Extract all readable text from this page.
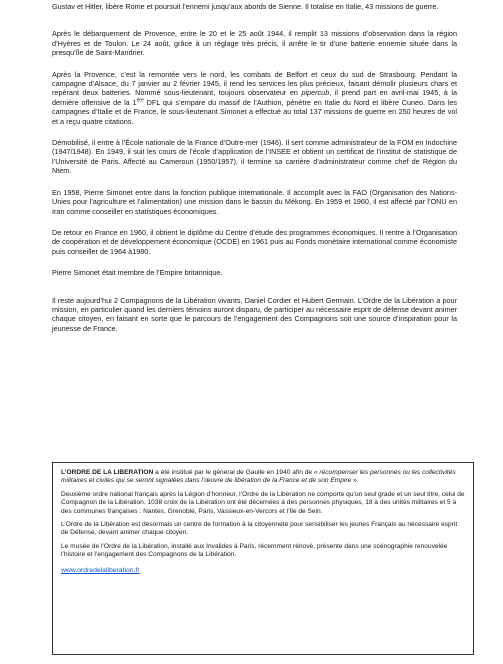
Gustav et Hitler, libère Rome et poursuit l’ennemi jusqu’aux abords de Sienne. Il totalise en Italie, 43 missions de guerre.

Après le débarquement de Provence, entre le 20 et le 25 août 1944, il remplit 13 missions d’observation dans la région d’Hyères et de Toulon. Le 24 août, grâce à un réglage très précis, il arrête le tir d’une batterie ennemie située dans la presqu’île de Saint-Mandrier.

Après la Provence, c’est la remontée vers le nord, les combats de Belfort et ceux du sud de Strasbourg. Pendant la campagne d’Alsace, du 7 janvier au 2 février 1945, il rend les services les plus précieux, faisant démolir plusieurs chars et repérant deux batteries. Nommé sous-lieutenant, toujours observateur en pipercub, il prend part en avril-mai 1945, à la dernière offensive de la 1ère DFL qui s’empare du massif de l’Authion, pénètre en Italie du Nord et libère Cuneo. Dans les campagnes d’Italie et de France, le sous-lieutenant Simonet a effectué au total 137 missions de guerre en 250 heures de vol et a reçu quatre citations.

Démobilisé, il entre à l’École nationale de la France d’Outre-mer (1946). Il sert comme administrateur de la FOM en Indochine (1947/1948). En 1949, il suit les cours de l’école d’application de l’INSEE et obtient un certificat de l’institut de statistique de l’Université de Paris. Affecté au Cameroun (1950/1957), il termine sa carrière d’administrateur comme chef de Région du Ntem.

En 1958, Pierre Simonet entre dans la fonction publique internationale. Il accomplit avec la FAO (Organisation des Nations-Unies pour l’agriculture et l’alimentation) une mission dans le bassin du Mékong. En 1959 et 1960, il est affecté par l’ONU en Iran comme conseiller en statistiques économiques.

De retour en France en 1960, il obtient le diplôme du Centre d’étude des programmes économiques. Il rentre à l’Organisation de coopération et de développement économique (OCDE) en 1961 puis au Fonds monétaire international comme économiste puis conseiller de 1964 à1980.

Pierre Simonet était membre de l’Empire britannique.

Il reste aujourd’hui 2 Compagnons de la Libération vivants, Daniel Cordier et Hubert Germain. L’Ordre de la Libération a pour mission, en particulier quand les derniers témoins auront disparu, de participer au nécessaire esprit de défense devant animer chaque citoyen, en faisant en sorte que le parcours de l’engagement des Compagnons soit une source d’inspiration pour la jeunesse de France.

L’ORDRE DE LA LIBERATION a été institué par le général de Gaulle en 1940 afin de « récompenser les personnes ou les collectivités militaires et civiles qui se seront signalées dans l’œuvre de libération de la France et de son Empire ».

Deuxième ordre national français après la Légion d’honneur, l’Ordre de la Libération ne comporte qu’un seul grade et un seul titre, celui de Compagnon de la Libération. 1038 croix de la Libération ont été décernées à des personnes physiques, 18 à des unités militaires et 5 à des communes françaises : Nantes, Grenoble, Paris, Vassieux-en-Vercors et l’Ile de Sein.

L’Ordre de la Libération est désormais un centre de formation à la citoyenneté pour sensibiliser les jeunes Français au nécessaire esprit de Défense, devant animer chaque citoyen.

Le musée de l’Ordre de la Libération, installé aux Invalides à Paris, récemment rénové, présente dans une scénographie renouvelée l’histoire et l’engagement des Compagnons de la Libération.

www.ordredelaliberation.fr
